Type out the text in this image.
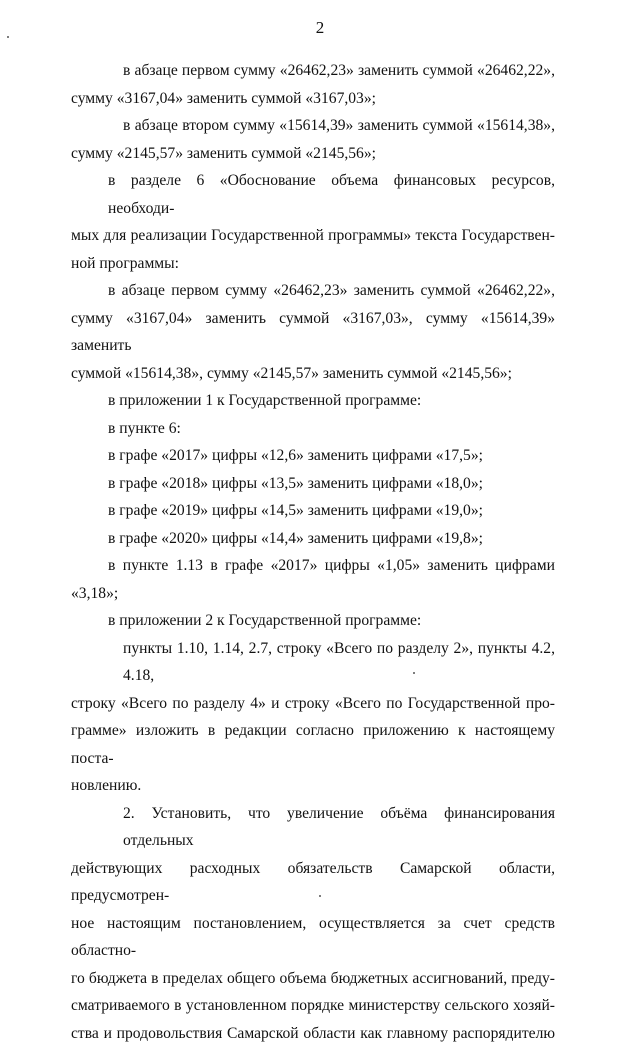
2
в абзаце первом сумму «26462,23» заменить суммой «26462,22»,
сумму «3167,04» заменить суммой «3167,03»;
в абзаце втором сумму «15614,39» заменить суммой «15614,38»,
сумму «2145,57» заменить суммой «2145,56»;
в разделе 6 «Обоснование объема финансовых ресурсов, необходи-
мых для реализации Государственной программы» текста Государствен-
ной программы:
в абзаце первом сумму «26462,23» заменить суммой «26462,22»,
сумму «3167,04» заменить суммой «3167,03», сумму «15614,39» заменить
суммой «15614,38», сумму «2145,57» заменить суммой «2145,56»;
в приложении 1 к Государственной программе:
в пункте 6:
в графе «2017» цифры «12,6» заменить цифрами «17,5»;
в графе «2018» цифры «13,5» заменить цифрами «18,0»;
в графе «2019» цифры «14,5» заменить цифрами «19,0»;
в графе «2020» цифры «14,4» заменить цифрами «19,8»;
в пункте 1.13 в графе «2017» цифры «1,05» заменить цифрами
«3,18»;
в приложении 2 к Государственной программе:
пункты 1.10, 1.14, 2.7, строку «Всего по разделу 2», пункты 4.2, 4.18,
строку «Всего по разделу 4» и строку «Всего по Государственной про-
грамме» изложить в редакции согласно приложению к настоящему поста-
новлению.
2. Установить, что увеличение объёма финансирования отдельных
действующих расходных обязательств Самарской области, предусмотрен-
ное настоящим постановлением, осуществляется за счет средств областно-
го бюджета в пределах общего объема бюджетных ассигнований, преду-
сматриваемого в установленном порядке министерству сельского хозяй-
ства и продовольствия Самарской области как главному распорядителю
